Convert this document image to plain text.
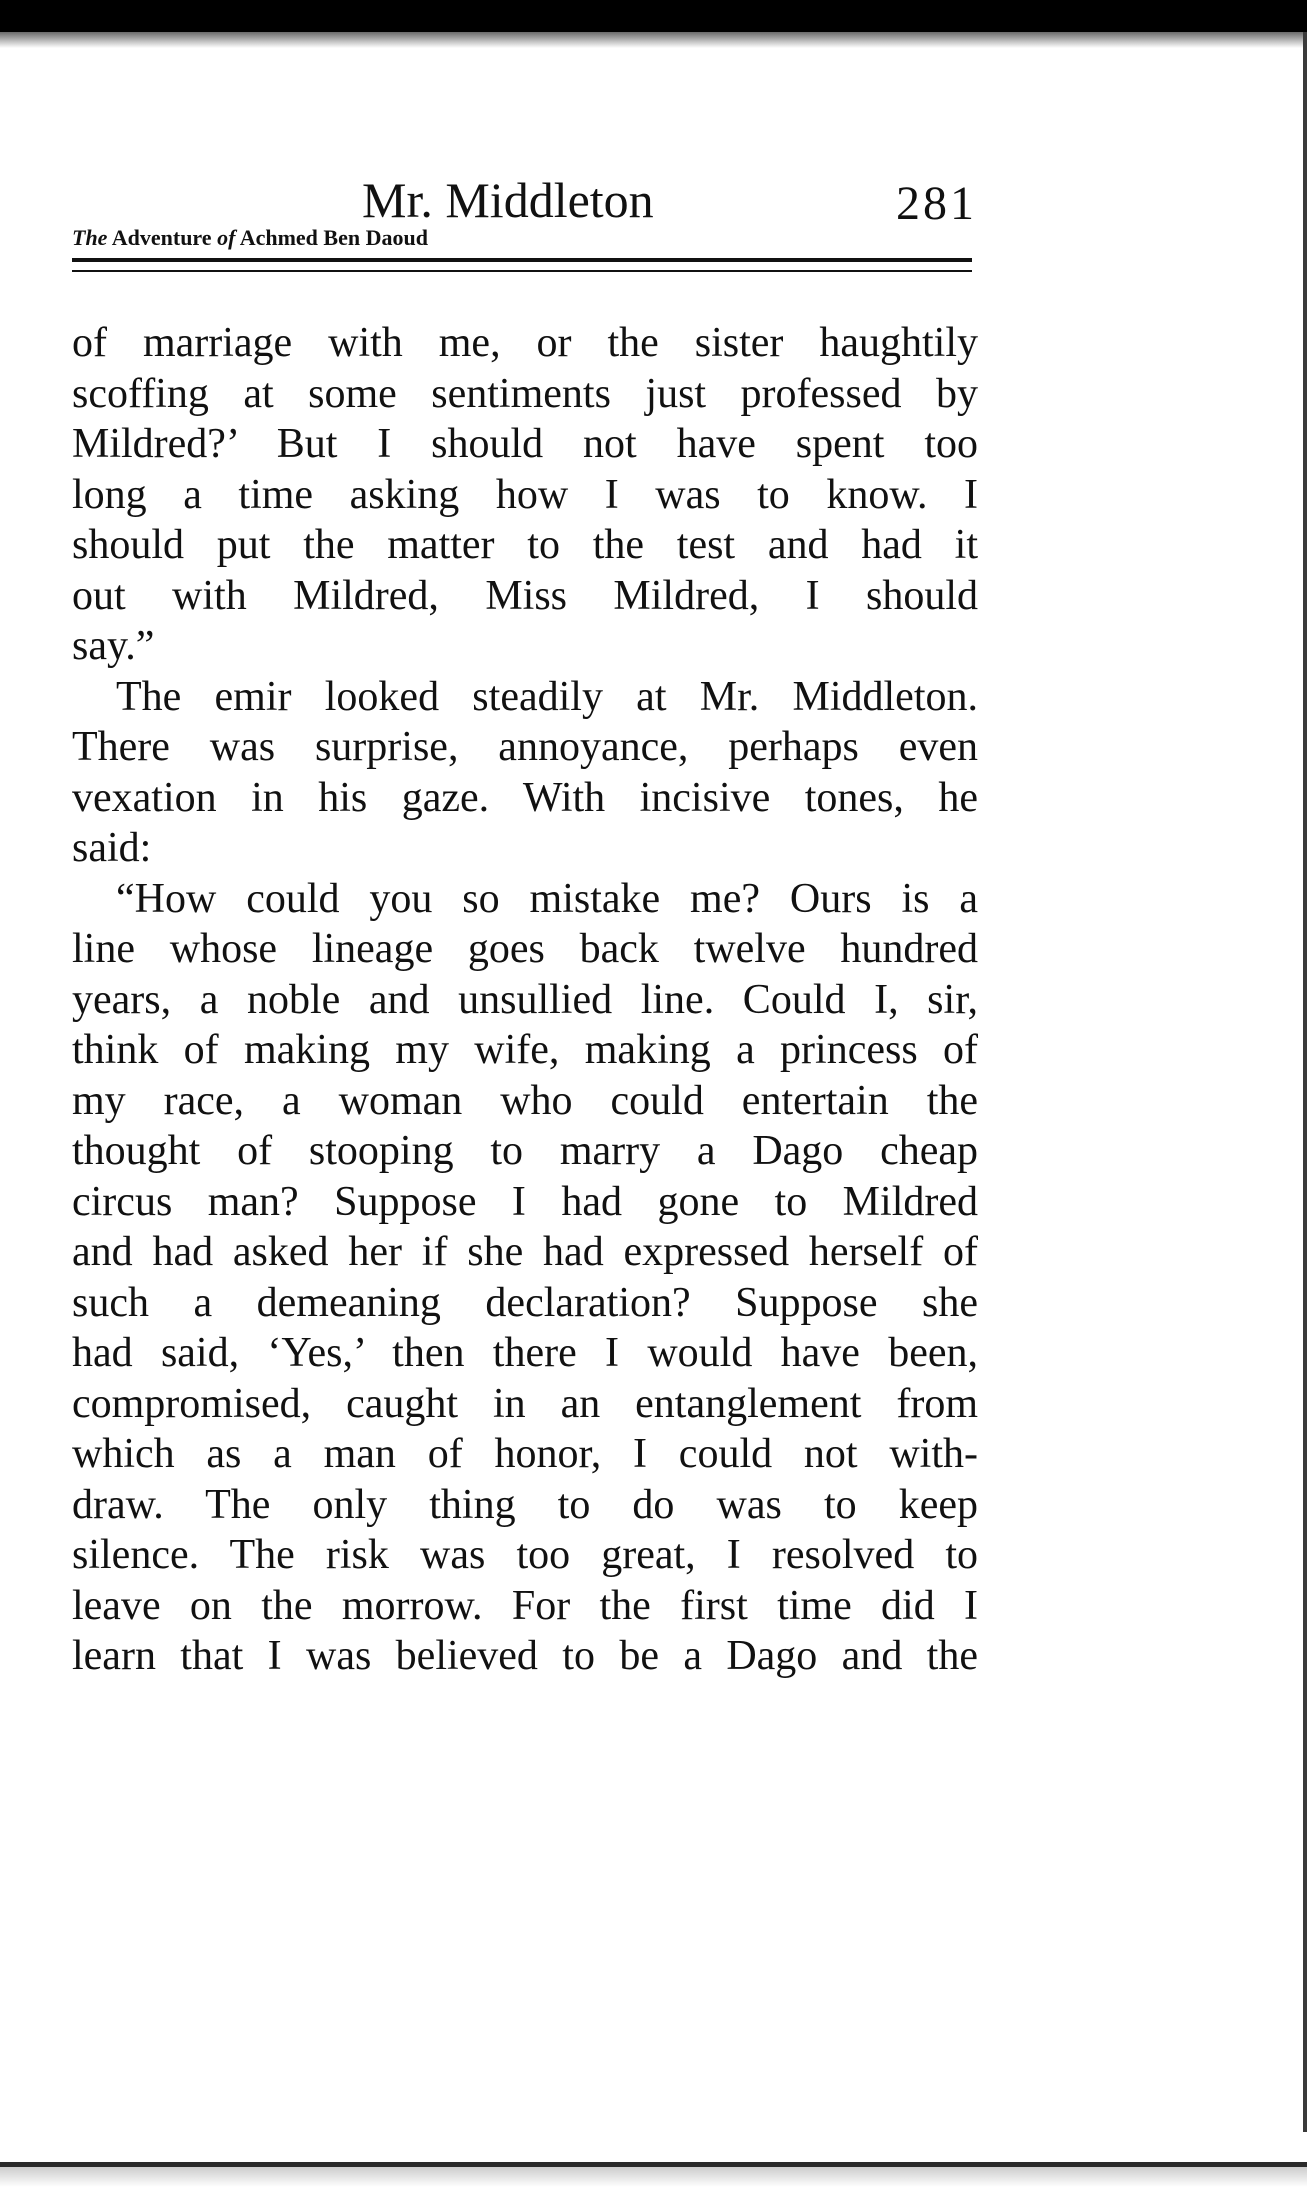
Mr. Middleton	281
The Adventure of Achmed Ben Daoud
of marriage with me, or the sister haughtily
scoffing at some sentiments just professed by
Mildred?’ But I should not have spent too
long a time asking how I was to know. I
should put the matter to the test and had it
out with Mildred, Miss Mildred, I should
say.”
The emir looked steadily at Mr. Middleton.
There was surprise, annoyance, perhaps even
vexation in his gaze. With incisive tones, he
said:
“How could you so mistake me? Ours is a
line whose lineage goes back twelve hundred
years, a noble and unsullied line. Could I, sir,
think of making my wife, making a princess of
my race, a woman who could entertain the
thought of stooping to marry a Dago cheap
circus man? Suppose I had gone to Mildred
and had asked her if she had expressed herself of
such a demeaning declaration? Suppose she
had said, ‘Yes,’ then there I would have been,
compromised, caught in an entanglement from
which as a man of honor, I could not with-
draw. The only thing to do was to keep
silence. The risk was too great, I resolved to
leave on the morrow. For the first time did I
learn that I was believed to be a Dago and the
